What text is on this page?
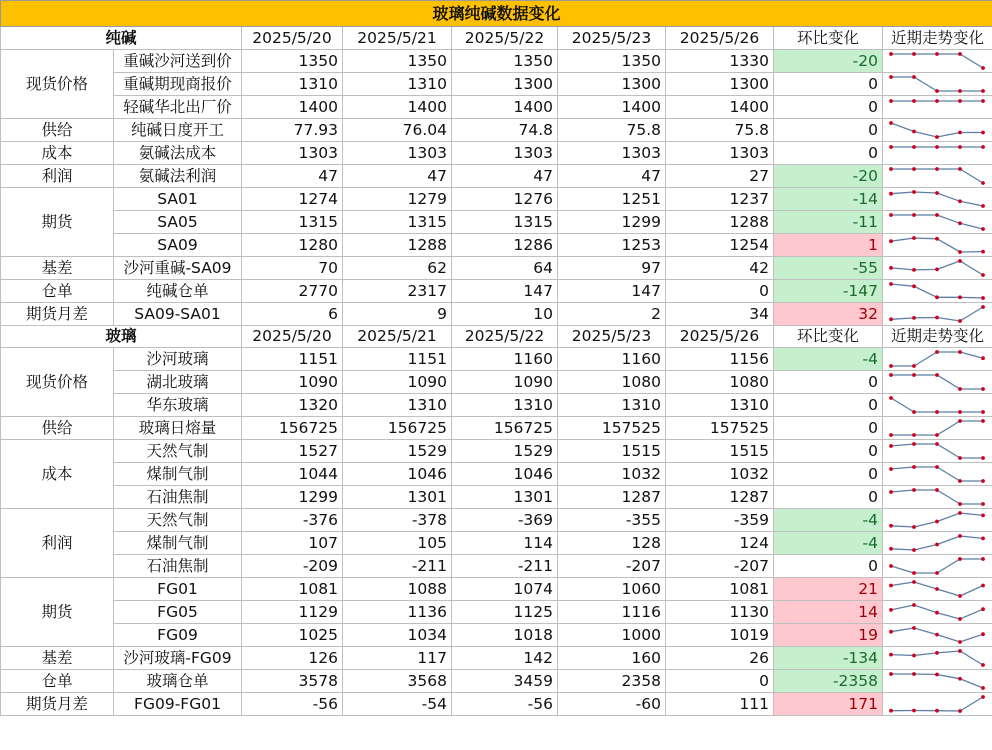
玻璃纯碱数据变化								
纯碱		2025/5/20	2025/5/21	2025/5/22	2025/5/23	2025/5/26	环比变化	近期走势变化
现货价格	重碱沙河送到价	1350	1350	1350	1350	1330	-20	

	重碱期现商报价	1310	1310	1300	1300	1300	0	

	轻碱华北出厂价	1400	1400	1400	1400	1400	0	

供给	纯碱日度开工	77.93	76.04	74.8	75.8	75.8	0	

成本	氨碱法成本	1303	1303	1303	1303	1303	0	

利润	氨碱法利润	47	47	47	47	27	-20	

期货	SA01	1274	1279	1276	1251	1237	-14	

	SA05	1315	1315	1315	1299	1288	-11	

	SA09	1280	1288	1286	1253	1254	1	

基差	沙河重碱-SA09	70	62	64	97	42	-55	

仓单	纯碱仓单	2770	2317	147	147	0	-147	

期货月差	SA09-SA01	6	9	10	2	34	32	

玻璃		2025/5/20	2025/5/21	2025/5/22	2025/5/23	2025/5/26	环比变化	近期走势变化
现货价格	沙河玻璃	1151	1151	1160	1160	1156	-4	

	湖北玻璃	1090	1090	1090	1080	1080	0	

	华东玻璃	1320	1310	1310	1310	1310	0	

供给	玻璃日熔量	156725	156725	156725	157525	157525	0	

成本	天然气制	1527	1529	1529	1515	1515	0	

	煤制气制	1044	1046	1046	1032	1032	0	

	石油焦制	1299	1301	1301	1287	1287	0	

利润	天然气制	-376	-378	-369	-355	-359	-4	

	煤制气制	107	105	114	128	124	-4	

	石油焦制	-209	-211	-211	-207	-207	0	

期货	FG01	1081	1088	1074	1060	1081	21	

	FG05	1129	1136	1125	1116	1130	14	

	FG09	1025	1034	1018	1000	1019	19	

基差	沙河玻璃-FG09	126	117	142	160	26	-134	

仓单	玻璃仓单	3578	3568	3459	2358	0	-2358	

期货月差	FG09-FG01	-56	-54	-56	-60	111	171	
